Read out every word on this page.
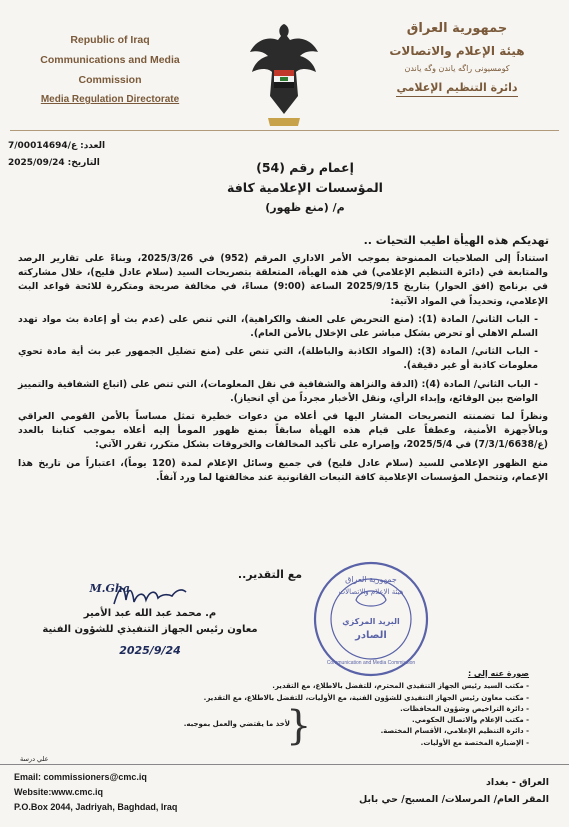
Republic of Iraq
Communications and Media
Commission
Media Regulation Directorate
جمهورية العراق
هيئة الإعلام والاتصالات
كومسيونى راگه ياندن وگه ياندن
دائرة التنظيم الإعلامي
العدد:
ع/7/00014694
التاريخ:
2025/09/24	إعمام رقم (54)
المؤسسات الإعلامية كافة
م/ (منع ظهور)
تهديكم هذه الهيأة اطيب التحيات ..

استناداً إلى الصلاحيات الممنوحة بموجب الأمر الاداري المرقم (952) في 2025/3/26، وبناءً على تقارير الرصد والمتابعة في (دائرة التنظيم الإعلامي) في هذه الهيأة، المتعلقة بتصريحات السيد (سلام عادل فليح)، خلال مشاركته في برنامج (افق الحوار) بتاريخ 2025/9/15 الساعة (9:00) مساءً، في مخالفة صريحة ومتكررة للائحة قواعد البث الإعلامي، وتحديداً في المواد الآتية:

- الباب الثاني/ المادة (1): (منع التحريض على العنف والكراهية)، التي تنص على (عدم بث أو إعادة بث مواد تهدد السلم الاهلي أو تحرض بشكل مباشر على الإخلال بالأمن العام).

- الباب الثاني/ المادة (3): (المواد الكاذبة والباطلة)، التي تنص على (منع تضليل الجمهور عبر بث أية مادة تحوي معلومات كاذبة أو غير دقيقة).

- الباب الثاني/ المادة (4): (الدقة والنزاهة والشفافية في نقل المعلومات)، التي تنص على (اتباع الشفافية والتمييز الواضح بين الوقائع، وإبداء الرأي، ونقل الأخبار مجرداً من أي انحياز).

ونظراً لما تضمنته التصريحات المشار اليها في أعلاه من دعوات خطيرة تمثل مساساً بالأمن القومي العراقي وبالأجهزة الأمنية، وعطفاً على قيام هذه الهيأة سابقاً بمنع ظهور المومأ إليه أعلاه بموجب كتابنا بالعدد (ع/7/3/1/6638) في 2025/5/4، وإصراره على تأكيد المخالفات والخروقات بشكل متكرر، تقرر الآتي:

منع الظهور الإعلامي للسيد (سلام عادل فليح) في جميع وسائل الإعلام لمدة (120 يوماً)، اعتباراً من تاريخ هذا الإعمام، وتتحمل المؤسسات الإعلامية كافة التبعات القانونية عند مخالفتها لما ورد آنفاً.

مع التقدير..
M.Gha
م. محمد عبد الله عبد الأمير
معاون رئيس الجهاز التنفيذي للشؤون الفنية
2025/9/24
جمهورية العراق
هيئة الإعلام والاتصالات
البريد المركزي
الصادر
Communication and Media Commission
صورة عنه إلى :
- مكتب السيد رئيس الجهاز التنفيذي المحترم، للتفضل بالاطلاع، مع التقدير.
- مكتب معاون رئيس الجهاز التنفيذي للشؤون الفنية، مع الأوليات، للتفضل بالاطلاع، مع التقدير.
- دائرة التراخيص وشؤون المحافظات.
- مكتب الإعلام والاتصال الحكومي.
- دائرة التنظيم الإعلامي، الأقسام المختصة.
- الإضبارة المختصة مع الأوليات.
}
لأخذ ما يقتضي والعمل بموجبه.
علي درسة
Email: commissioners@cmc.iq
Website:www.cmc.iq
P.O.Box 2044, Jadriyah, Baghdad, Iraq
العراق - بغداد
المقر العام/ المرسلات/ المسبح/ حي بابل
